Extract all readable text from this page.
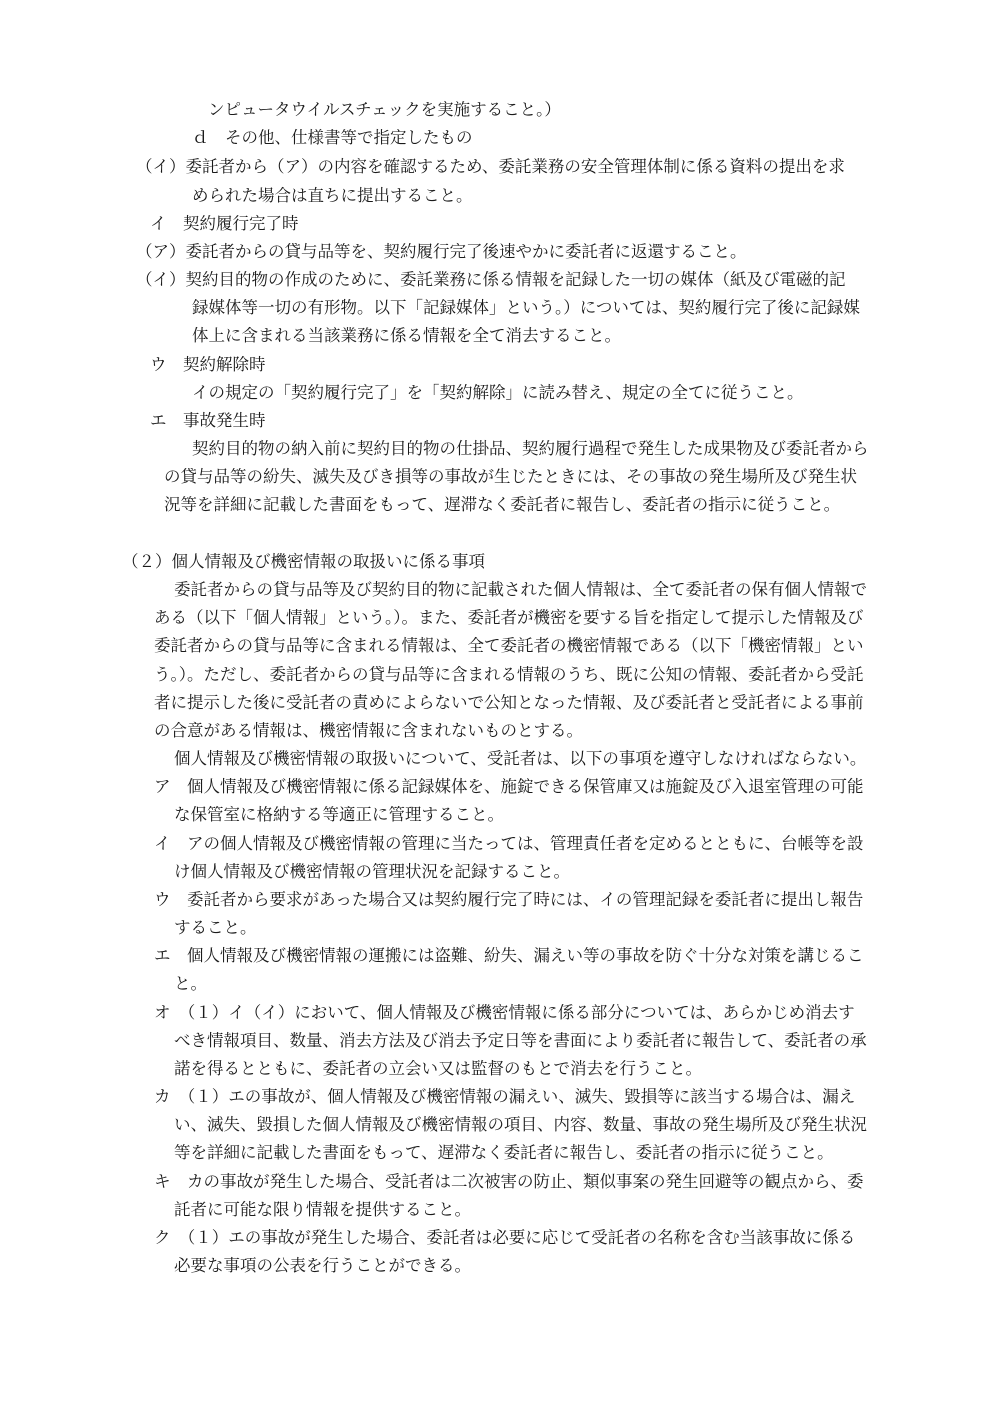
ンピュータウイルスチェックを実施すること。）
ｄ　その他、仕様書等で指定したもの
（イ）委託者から（ア）の内容を確認するため、委託業務の安全管理体制に係る資料の提出を求
められた場合は直ちに提出すること。
イ　契約履行完了時
（ア）委託者からの貸与品等を、契約履行完了後速やかに委託者に返還すること。
（イ）契約目的物の作成のために、委託業務に係る情報を記録した一切の媒体（紙及び電磁的記
録媒体等一切の有形物。以下「記録媒体」という。）については、契約履行完了後に記録媒
体上に含まれる当該業務に係る情報を全て消去すること。
ウ　契約解除時
イの規定の「契約履行完了」を「契約解除」に読み替え、規定の全てに従うこと。
エ　事故発生時
契約目的物の納入前に契約目的物の仕掛品、契約履行過程で発生した成果物及び委託者から
の貸与品等の紛失、滅失及びき損等の事故が生じたときには、その事故の発生場所及び発生状
況等を詳細に記載した書面をもって、遅滞なく委託者に報告し、委託者の指示に従うこと。
（２）個人情報及び機密情報の取扱いに係る事項
委託者からの貸与品等及び契約目的物に記載された個人情報は、全て委託者の保有個人情報で
ある（以下「個人情報」という。）。また、委託者が機密を要する旨を指定して提示した情報及び
委託者からの貸与品等に含まれる情報は、全て委託者の機密情報である（以下「機密情報」とい
う。）。ただし、委託者からの貸与品等に含まれる情報のうち、既に公知の情報、委託者から受託
者に提示した後に受託者の責めによらないで公知となった情報、及び委託者と受託者による事前
の合意がある情報は、機密情報に含まれないものとする。
個人情報及び機密情報の取扱いについて、受託者は、以下の事項を遵守しなければならない。
ア　個人情報及び機密情報に係る記録媒体を、施錠できる保管庫又は施錠及び入退室管理の可能
な保管室に格納する等適正に管理すること。
イ　アの個人情報及び機密情報の管理に当たっては、管理責任者を定めるとともに、台帳等を設
け個人情報及び機密情報の管理状況を記録すること。
ウ　委託者から要求があった場合又は契約履行完了時には、イの管理記録を委託者に提出し報告
すること。
エ　個人情報及び機密情報の運搬には盗難、紛失、漏えい等の事故を防ぐ十分な対策を講じるこ
と。
オ　（１）イ（イ）において、個人情報及び機密情報に係る部分については、あらかじめ消去す
べき情報項目、数量、消去方法及び消去予定日等を書面により委託者に報告して、委託者の承
諾を得るとともに、委託者の立会い又は監督のもとで消去を行うこと。
カ　（１）エの事故が、個人情報及び機密情報の漏えい、滅失、毀損等に該当する場合は、漏え
い、滅失、毀損した個人情報及び機密情報の項目、内容、数量、事故の発生場所及び発生状況
等を詳細に記載した書面をもって、遅滞なく委託者に報告し、委託者の指示に従うこと。
キ　カの事故が発生した場合、受託者は二次被害の防止、類似事案の発生回避等の観点から、委
託者に可能な限り情報を提供すること。
ク　（１）エの事故が発生した場合、委託者は必要に応じて受託者の名称を含む当該事故に係る
必要な事項の公表を行うことができる。
